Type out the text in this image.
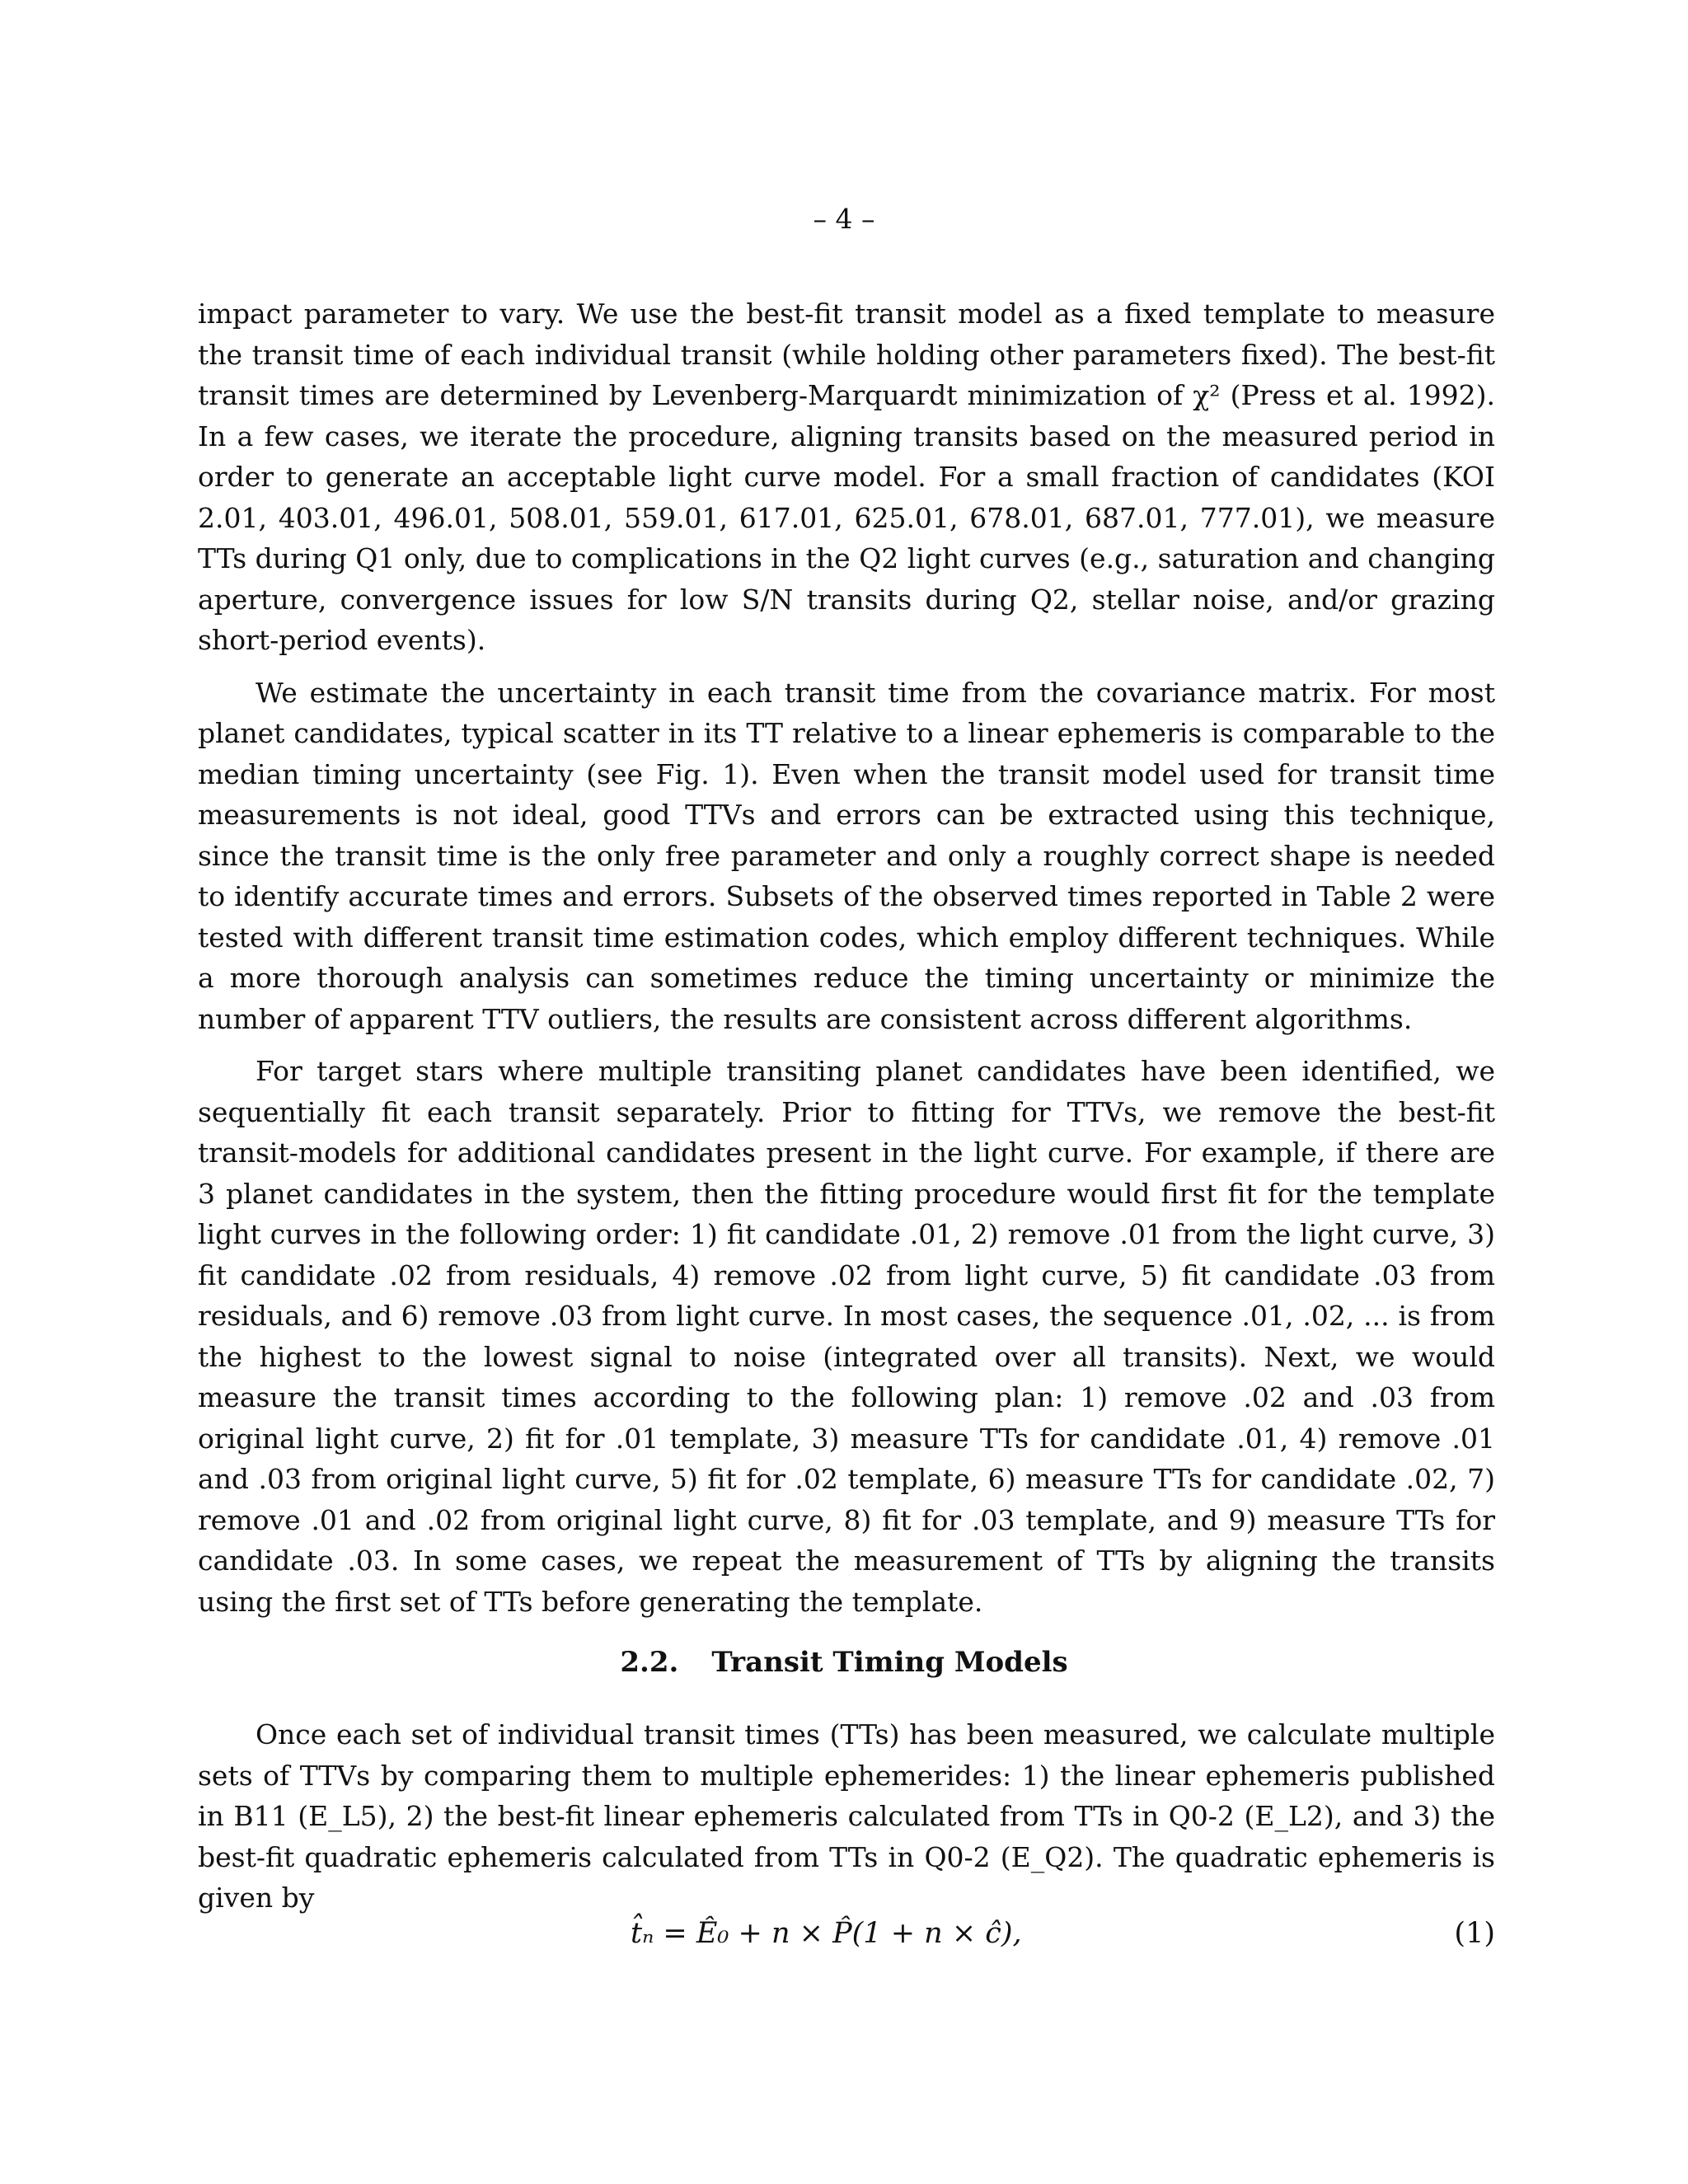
– 4 –

impact parameter to vary. We use the best-fit transit model as a fixed template to measure the transit time of each individual transit (while holding other parameters fixed). The best-fit transit times are determined by Levenberg-Marquardt minimization of χ² (Press et al. 1992). In a few cases, we iterate the procedure, aligning transits based on the measured period in order to generate an acceptable light curve model. For a small fraction of candidates (KOI 2.01, 403.01, 496.01, 508.01, 559.01, 617.01, 625.01, 678.01, 687.01, 777.01), we measure TTs during Q1 only, due to complications in the Q2 light curves (e.g., saturation and changing aperture, convergence issues for low S/N transits during Q2, stellar noise, and/or grazing short-period events).

We estimate the uncertainty in each transit time from the covariance matrix. For most planet candidates, typical scatter in its TT relative to a linear ephemeris is comparable to the median timing uncertainty (see Fig. 1). Even when the transit model used for transit time measurements is not ideal, good TTVs and errors can be extracted using this technique, since the transit time is the only free parameter and only a roughly correct shape is needed to identify accurate times and errors. Subsets of the observed times reported in Table 2 were tested with different transit time estimation codes, which employ different techniques. While a more thorough analysis can sometimes reduce the timing uncertainty or minimize the number of apparent TTV outliers, the results are consistent across different algorithms.

For target stars where multiple transiting planet candidates have been identified, we sequentially fit each transit separately. Prior to fitting for TTVs, we remove the best-fit transit-models for additional candidates present in the light curve. For example, if there are 3 planet candidates in the system, then the fitting procedure would first fit for the template light curves in the following order: 1) fit candidate .01, 2) remove .01 from the light curve, 3) fit candidate .02 from residuals, 4) remove .02 from light curve, 5) fit candidate .03 from residuals, and 6) remove .03 from light curve. In most cases, the sequence .01, .02, ... is from the highest to the lowest signal to noise (integrated over all transits). Next, we would measure the transit times according to the following plan: 1) remove .02 and .03 from original light curve, 2) fit for .01 template, 3) measure TTs for candidate .01, 4) remove .01 and .03 from original light curve, 5) fit for .02 template, 6) measure TTs for candidate .02, 7) remove .01 and .02 from original light curve, 8) fit for .03 template, and 9) measure TTs for candidate .03. In some cases, we repeat the measurement of TTs by aligning the transits using the first set of TTs before generating the template.

2.2. Transit Timing Models

Once each set of individual transit times (TTs) has been measured, we calculate multiple sets of TTVs by comparing them to multiple ephemerides: 1) the linear ephemeris published in B11 (E_L5), 2) the best-fit linear ephemeris calculated from TTs in Q0-2 (E_L2), and 3) the best-fit quadratic ephemeris calculated from TTs in Q0-2 (E_Q2). The quadratic ephemeris is given by

t̂ₙ = Ê₀ + n × P̂(1 + n × ĉ),	(1)
